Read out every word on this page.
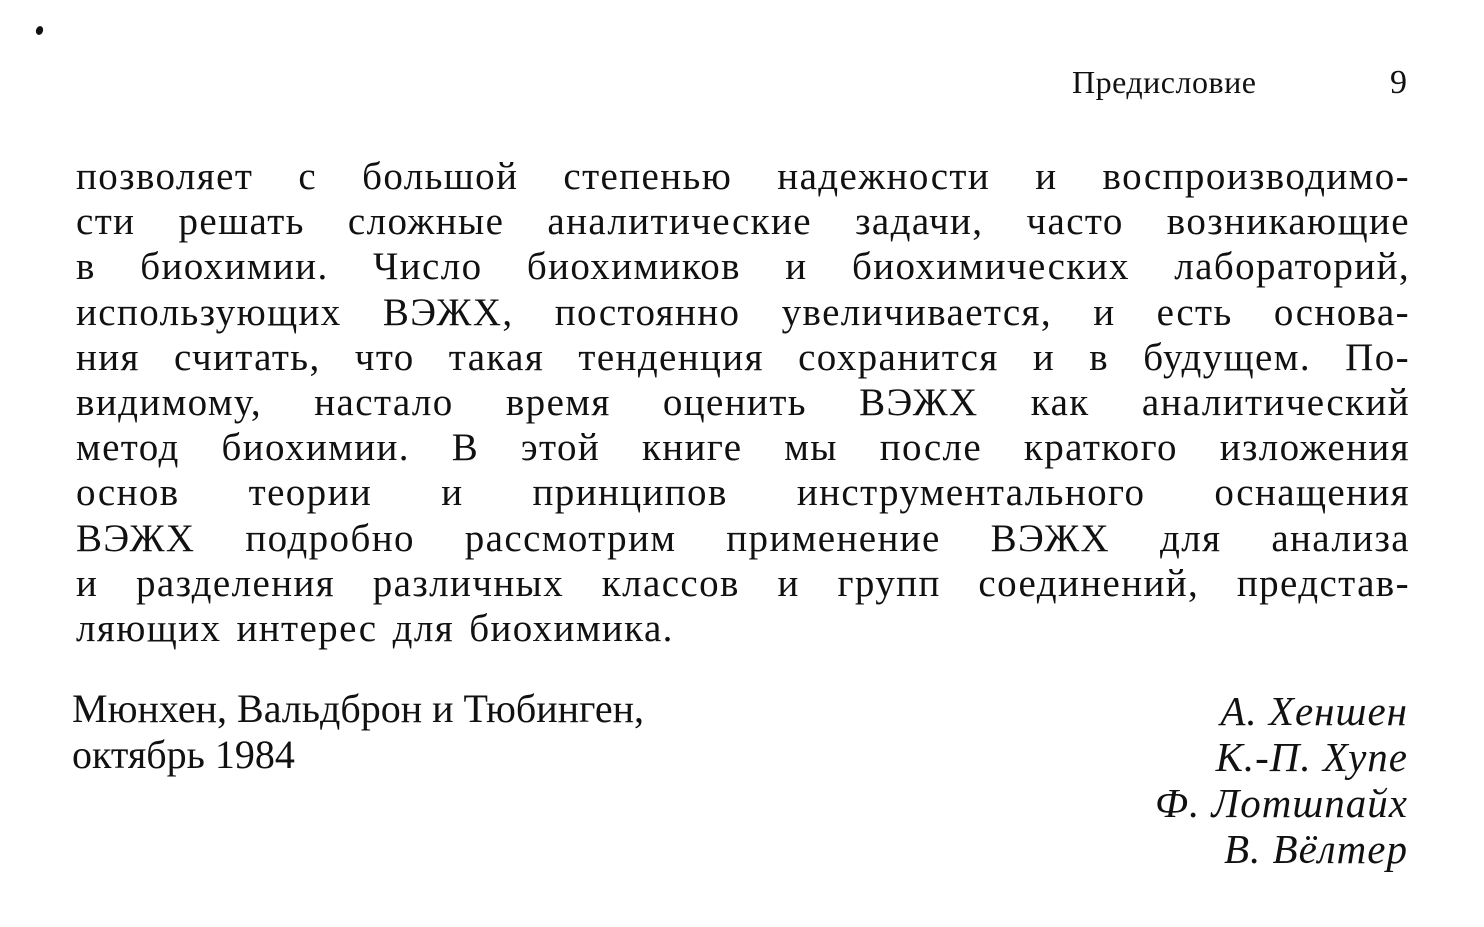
Предисловие	9

позволяет с большой степенью надежности и воспроизводимо-
сти решать сложные аналитические задачи, часто возникающие
в биохимии. Число биохимиков и биохимических лабораторий,
использующих ВЭЖХ, постоянно увеличивается, и есть основа-
ния считать, что такая тенденция сохранится и в будущем. По-
видимому, настало время оценить ВЭЖХ как аналитический
метод биохимии. В этой книге мы после краткого изложения
основ теории и принципов инструментального оснащения
ВЭЖХ подробно рассмотрим применение ВЭЖХ для анализа
и разделения различных классов и групп соединений, представ-
ляющих интерес для биохимика.

Мюнхен, Вальдброн и Тюбинген,
октябрь 1984
А. Хеншен
К.-П. Хупе
Ф. Лотшпайх
В. Вёлтер
